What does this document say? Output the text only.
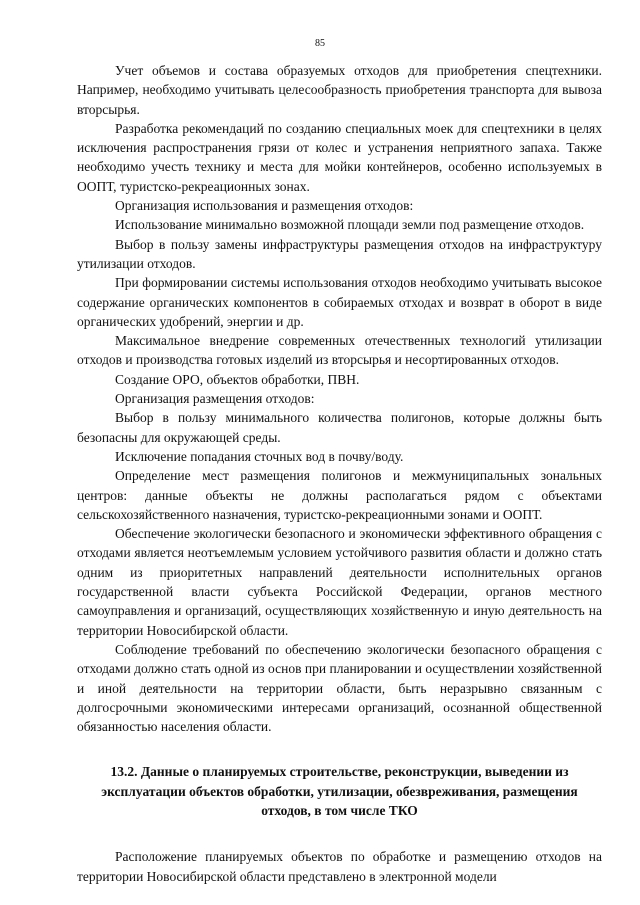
85

Учет объемов и состава образуемых отходов для приобретения спецтехники. Например, необходимо учитывать целесообразность приобретения транспорта для вывоза вторсырья.

Разработка рекомендаций по созданию специальных моек для спецтехники в целях исключения распространения грязи от колес и устранения неприятного запаха. Также необходимо учесть технику и места для мойки контейнеров, особенно используемых в ООПТ, туристско-рекреационных зонах.

Организация использования и размещения отходов:

Использование минимально возможной площади земли под размещение отходов.

Выбор в пользу замены инфраструктуры размещения отходов на инфраструктуру утилизации отходов.

При формировании системы использования отходов необходимо учитывать высокое содержание органических компонентов в собираемых отходах и возврат в оборот в виде органических удобрений, энергии и др.

Максимальное внедрение современных отечественных технологий утилизации отходов и производства готовых изделий из вторсырья и несортированных отходов.

Создание ОРО, объектов обработки, ПВН.

Организация размещения отходов:

Выбор в пользу минимального количества полигонов, которые должны быть безопасны для окружающей среды.

Исключение попадания сточных вод в почву/воду.

Определение мест размещения полигонов и межмуниципальных зональных центров: данные объекты не должны располагаться рядом с объектами сельскохозяйственного назначения, туристско-рекреационными зонами и ООПТ.

Обеспечение экологически безопасного и экономически эффективного обращения с отходами является неотъемлемым условием устойчивого развития области и должно стать одним из приоритетных направлений деятельности исполнительных органов государственной власти субъекта Российской Федерации, органов местного самоуправления и организаций, осуществляющих хозяйственную и иную деятельность на территории Новосибирской области.

Соблюдение требований по обеспечению экологически безопасного обращения с отходами должно стать одной из основ при планировании и осуществлении хозяйственной и иной деятельности на территории области, быть неразрывно связанным с долгосрочными экономическими интересами организаций, осознанной общественной обязанностью населения области.

13.2. Данные о планируемых строительстве, реконструкции, выведении из эксплуатации объектов обработки, утилизации, обезвреживания, размещения отходов, в том числе ТКО

Расположение планируемых объектов по обработке и размещению отходов на территории Новосибирской области представлено в электронной модели
